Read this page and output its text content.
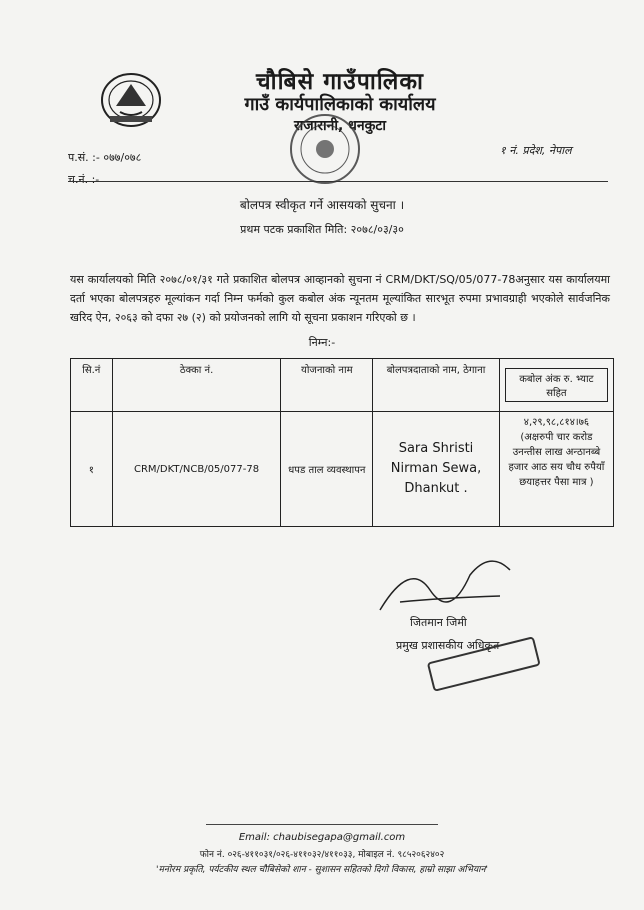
चौबिसे गाउँपालिका
गाउँ कार्यपालिकाको कार्यालय
राजारानी, धनकुटा
प.सं. :- ०७७/०७८
च.नं. :-
१ नं. प्रदेश, नेपाल
बोलपत्र स्वीकृत गर्ने आसयको सुचना ।
प्रथम पटक प्रकाशित मिति: २०७८/०३/३०
यस कार्यालयको मिति २०७८/०१/३१ गते प्रकाशित बोलपत्र आव्हानको सुचना नं CRM/DKT/SQ/05/077-78अनुसार यस कार्यालयमा दर्ता भएका बोलपत्रहरु मूल्यांकन गर्दा निम्न फर्मको कुल कबोल अंक न्यूनतम मूल्यांकित सारभूत रुपमा प्रभावग्राही भएकोले सार्वजनिक खरिद ऐन, २०६३ को दफा २७ (२) को प्रयोजनको लागि यो सूचना प्रकाशन गरिएको छ ।
निम्न:-
सि.नं	ठेक्का नं.	योजनाको नाम	बोलपत्रदाताको नाम, ठेगाना	कबोल अंक रु. भ्याट सहित
१	CRM/DKT/NCB/05/077-78	धपड ताल व्यवस्थापन	Sara Shristi Nirman Sewa, Dhankut .	४,२९,९८,८१४।७६
(अक्षरुपी चार करोड उनन्तीस लाख अन्ठानब्बे हजार आठ सय चौध रुपैयाँ छयाहत्तर पैसा मात्र )
जितमान जिमी
प्रमुख प्रशासकीय अधिकृत
Email: chaubisegapa@gmail.com
फोन नं. ०२६-४११०३१/०२६-४११०३२/४११०३३, मोबाइल नं. ९८५२०६२४०२
'मनोरम प्रकृति, पर्यटकीय स्थल चौबिसेको शान - सुशासन सहितको दिगो विकास, हाम्रो साझा अभियान'
